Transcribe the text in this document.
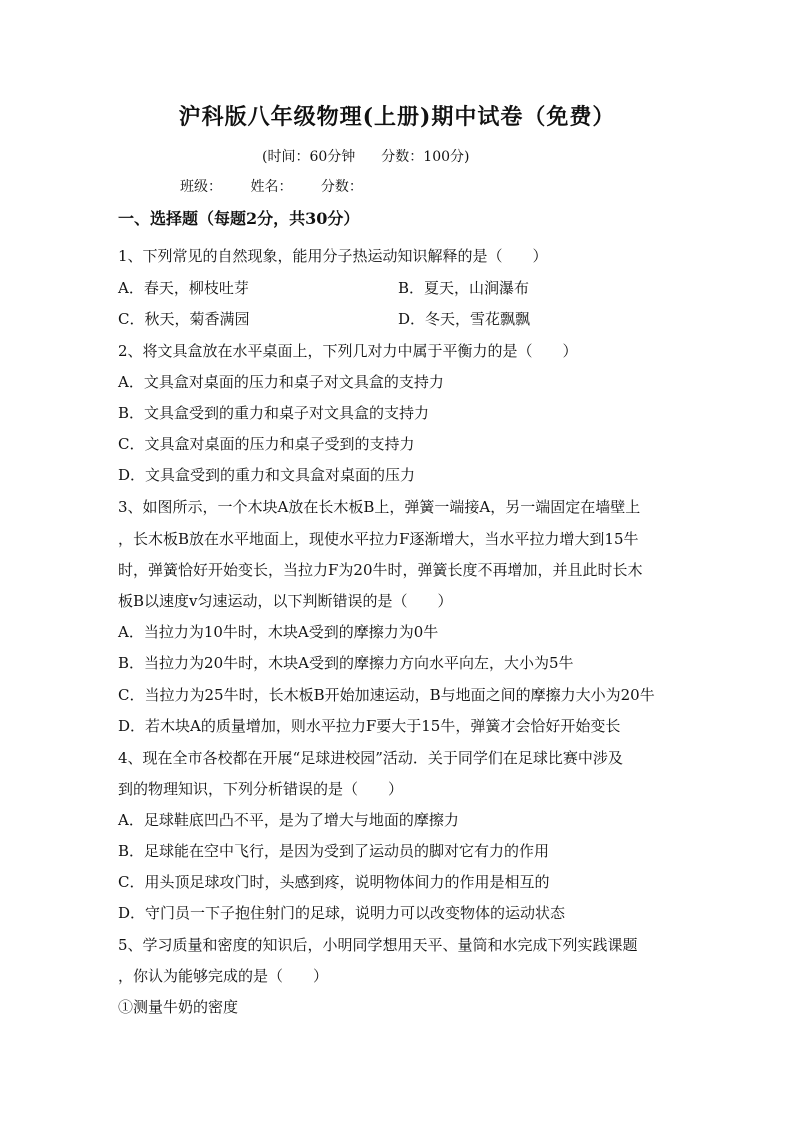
沪科版八年级物理(上册)期中试卷（免费）
(时间：60分钟 分数：100分)
班级： 姓名： 分数：
一、选择题（每题2分，共30分）
1、下列常见的自然现象，能用分子热运动知识解释的是（　　）
A．春天，柳枝吐芽	B．夏天，山涧瀑布
C．秋天，菊香满园	D．冬天，雪花飘飘
2、将文具盒放在水平桌面上，下列几对力中属于平衡力的是（　　）
A．文具盒对桌面的压力和桌子对文具盒的支持力
B．文具盒受到的重力和桌子对文具盒的支持力
C．文具盒对桌面的压力和桌子受到的支持力
D．文具盒受到的重力和文具盒对桌面的压力
3、如图所示，一个木块A放在长木板B上，弹簧一端接A，另一端固定在墙壁上
，长木板B放在水平地面上，现使水平拉力F逐渐增大，当水平拉力增大到15牛
时，弹簧恰好开始变长，当拉力F为20牛时，弹簧长度不再增加，并且此时长木
板B以速度v匀速运动，以下判断错误的是（　　）
A．当拉力为10牛时，木块A受到的摩擦力为0牛
B．当拉力为20牛时，木块A受到的摩擦力方向水平向左，大小为5牛
C．当拉力为25牛时，长木板B开始加速运动，B与地面之间的摩擦力大小为20牛
D．若木块A的质量增加，则水平拉力F要大于15牛，弹簧才会恰好开始变长
4、现在全市各校都在开展“足球进校园”活动．关于同学们在足球比赛中涉及
到的物理知识，下列分析错误的是（　　）
A．足球鞋底凹凸不平，是为了增大与地面的摩擦力
B．足球能在空中飞行，是因为受到了运动员的脚对它有力的作用
C．用头顶足球攻门时，头感到疼，说明物体间力的作用是相互的
D．守门员一下子抱住射门的足球，说明力可以改变物体的运动状态
5、学习质量和密度的知识后，小明同学想用天平、量筒和水完成下列实践课题
，你认为能够完成的是（　　）
①测量牛奶的密度
